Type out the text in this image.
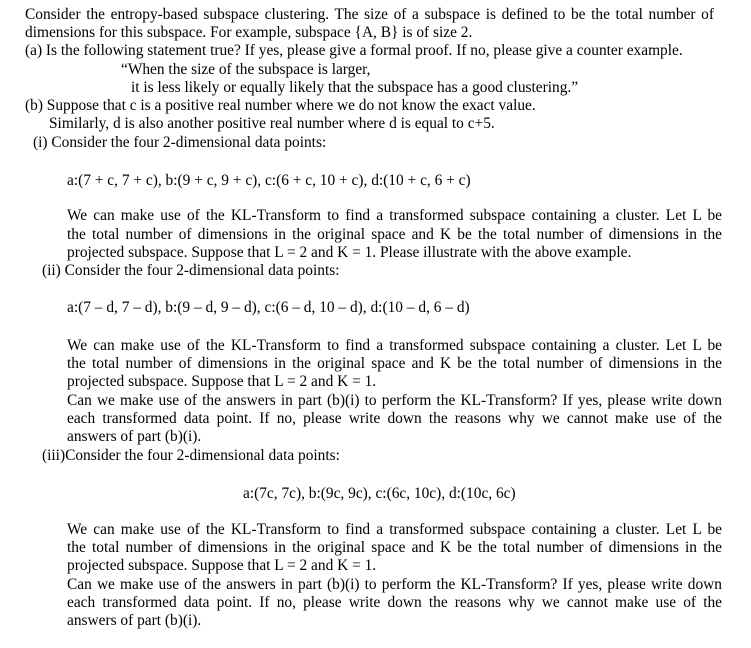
Consider the entropy-based subspace clustering. The size of a subspace is defined to be the total number of
dimensions for this subspace. For example, subspace {A, B} is of size 2.
(a) Is the following statement true? If yes, please give a formal proof. If no, please give a counter example.
“When the size of the subspace is larger,
it is less likely or equally likely that the subspace has a good clustering.”
(b) Suppose that c is a positive real number where we do not know the exact value.
Similarly, d is also another positive real number where d is equal to c+5.
(i) Consider the four 2-dimensional data points:
a:(7 + c, 7 + c), b:(9 + c, 9 + c), c:(6 + c, 10 + c), d:(10 + c, 6 + c)
We can make use of the KL-Transform to find a transformed subspace containing a cluster. Let L be
the total number of dimensions in the original space and K be the total number of dimensions in the
projected subspace. Suppose that L = 2 and K = 1. Please illustrate with the above example.
(ii) Consider the four 2-dimensional data points:
a:(7 – d, 7 – d), b:(9 – d, 9 – d), c:(6 – d, 10 – d), d:(10 – d, 6 – d)
We can make use of the KL-Transform to find a transformed subspace containing a cluster. Let L be
the total number of dimensions in the original space and K be the total number of dimensions in the
projected subspace. Suppose that L = 2 and K = 1.
Can we make use of the answers in part (b)(i) to perform the KL-Transform? If yes, please write down
each transformed data point. If no, please write down the reasons why we cannot make use of the
answers of part (b)(i).
(iii)Consider the four 2-dimensional data points:
a:(7c, 7c), b:(9c, 9c), c:(6c, 10c), d:(10c, 6c)
We can make use of the KL-Transform to find a transformed subspace containing a cluster. Let L be
the total number of dimensions in the original space and K be the total number of dimensions in the
projected subspace. Suppose that L = 2 and K = 1.
Can we make use of the answers in part (b)(i) to perform the KL-Transform? If yes, please write down
each transformed data point. If no, please write down the reasons why we cannot make use of the
answers of part (b)(i).
